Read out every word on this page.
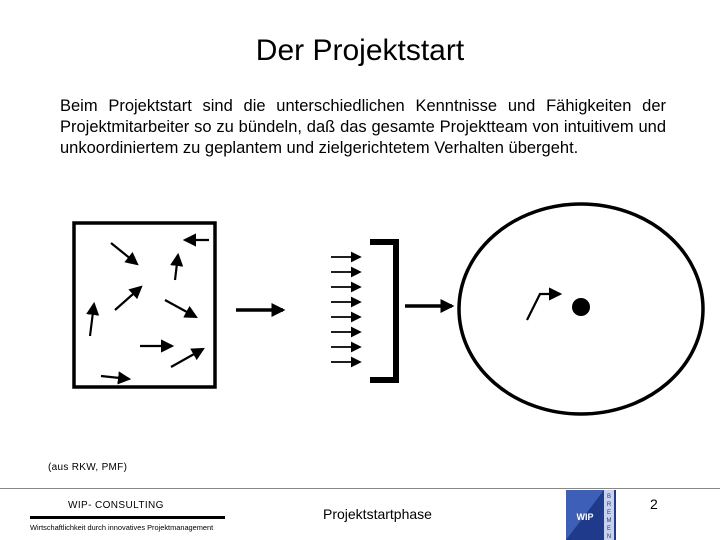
Der Projektstart
Beim Projektstart sind die unterschiedlichen Kenntnisse und Fähigkeiten der Projektmitarbeiter so zu bündeln, daß das gesamte Projektteam von intuitivem und unkoordiniertem zu geplantem und zielgerichtetem Verhalten übergeht.
(aus RKW, PMF)
WIP- CONSULTING
Wirtschaftlichkeit durch innovatives Projektmanagement
Projektstartphase
2
WIP
B
R
E
M
E
N
